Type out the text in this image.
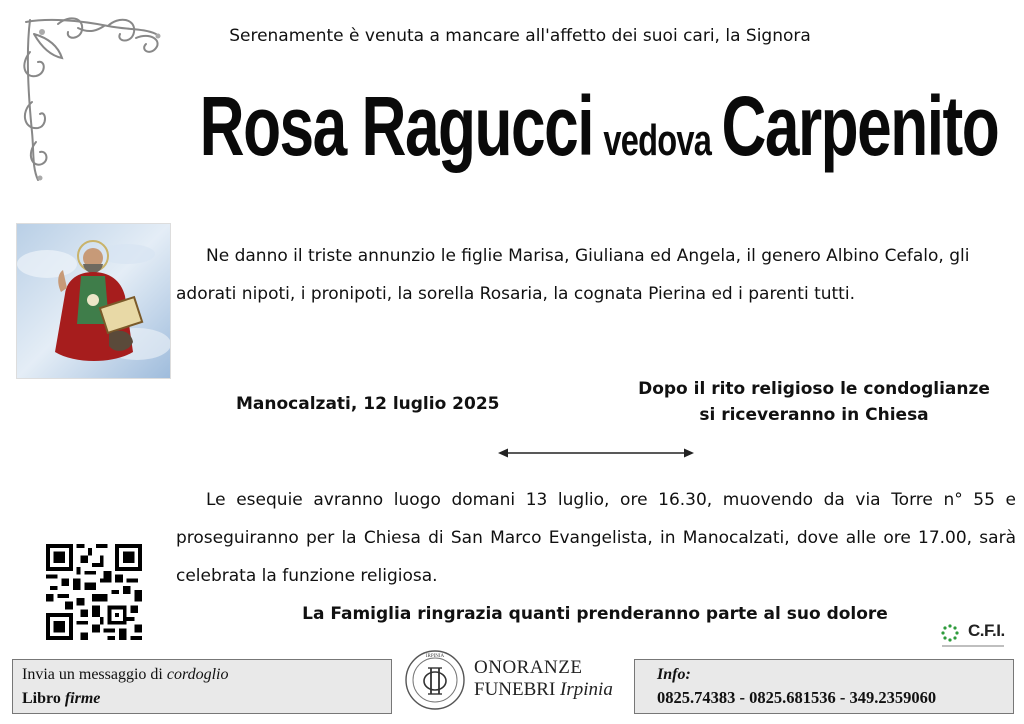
Serenamente è venuta a mancare all'affetto dei suoi cari, la Signora
Rosa Ragucci vedova Carpenito
Ne danno il triste annunzio le figlie Marisa, Giuliana ed Angela, il genero Albino Cefalo, gli adorati nipoti, i pronipoti, la sorella Rosaria, la cognata Pierina ed i parenti tutti.
Manocalzati, 12 luglio 2025
Dopo il rito religioso le condoglianze
si riceveranno in Chiesa
Le esequie avranno luogo domani 13 luglio, ore 16.30, muovendo da via Torre n° 55 e proseguiranno per la Chiesa di San Marco Evangelista, in Manocalzati, dove alle ore 17.00, sarà celebrata la funzione religiosa.
La Famiglia ringrazia quanti prenderanno parte al suo dolore
C.F.I.
Invia un messaggio di cordoglio
Libro firme
IRPINIA
ONORANZE
FUNEBRI Irpinia
Info:
0825.74383 - 0825.681536 - 349.2359060
